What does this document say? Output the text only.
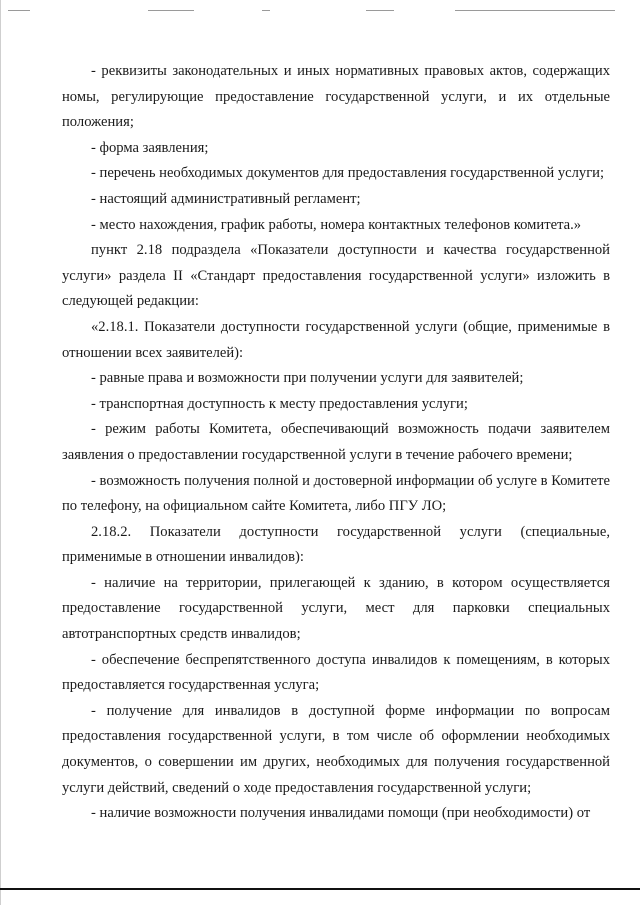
- реквизиты законодательных и иных нормативных правовых актов, содержащих номы, регулирующие предоставление государственной услуги, и их отдельные положения;

- форма заявления;

- перечень необходимых документов для предоставления государственной услуги;

- настоящий административный регламент;

- место нахождения, график работы, номера контактных телефонов комитета.»

пункт 2.18 подраздела «Показатели доступности и качества государственной услуги» раздела II «Стандарт предоставления государственной услуги» изложить в следующей редакции:

«2.18.1. Показатели доступности государственной услуги (общие, применимые в отношении всех заявителей):

- равные права и возможности при получении услуги для заявителей;

- транспортная доступность к месту предоставления услуги;

- режим работы Комитета, обеспечивающий возможность подачи заявителем заявления о предоставлении государственной услуги в течение рабочего времени;

- возможность получения полной и достоверной информации об услуге в Комитете по телефону, на официальном сайте Комитета, либо ПГУ ЛО;

2.18.2. Показатели доступности государственной услуги (специальные, применимые в отношении инвалидов):

- наличие на территории, прилегающей к зданию, в котором осуществляется предоставление государственной услуги, мест для парковки специальных автотранспортных средств инвалидов;

- обеспечение беспрепятственного доступа инвалидов к помещениям, в которых предоставляется государственная услуга;

- получение для инвалидов в доступной форме информации по вопросам предоставления государственной услуги, в том числе об оформлении необходимых документов, о совершении им других, необходимых для получения государственной услуги действий, сведений о ходе предоставления государственной услуги;

- наличие возможности получения инвалидами помощи (при необходимости) от
